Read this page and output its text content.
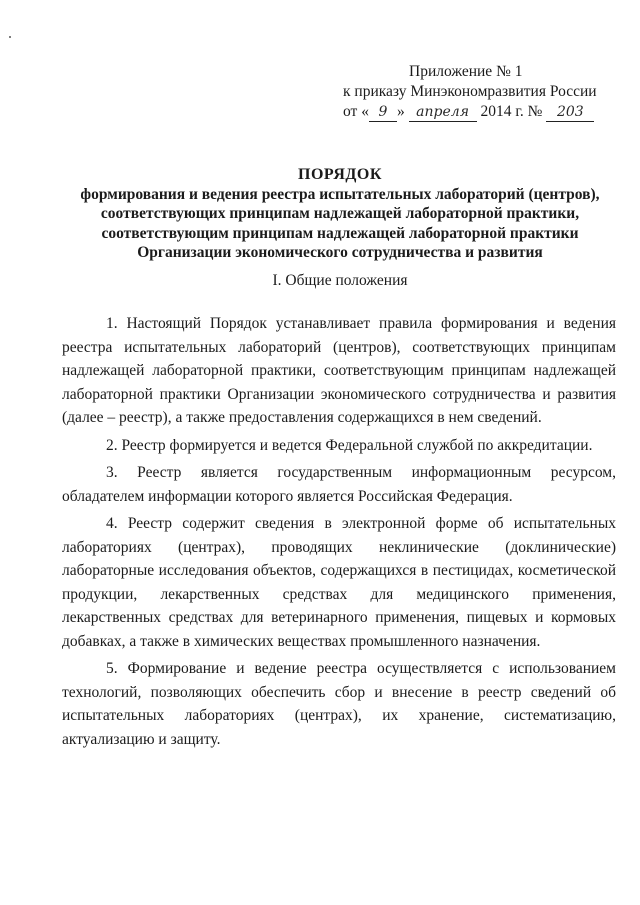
Приложение № 1
к приказу Минэкономразвития России
от « 9 » апреля 2014 г. № 203
ПОРЯДОК
формирования и ведения реестра испытательных лабораторий (центров),
соответствующих принципам надлежащей лабораторной практики,
соответствующим принципам надлежащей лабораторной практики
Организации экономического сотрудничества и развития
I. Общие положения

1. Настоящий Порядок устанавливает правила формирования и ведения реестра испытательных лабораторий (центров), соответствующих принципам надлежащей лабораторной практики, соответствующим принципам надлежащей лабораторной практики Организации экономического сотрудничества и развития (далее – реестр), а также предоставления содержащихся в нем сведений.

2. Реестр формируется и ведется Федеральной службой по аккредитации.

3. Реестр является государственным информационным ресурсом, обладателем информации которого является Российская Федерация.

4. Реестр содержит сведения в электронной форме об испытательных лабораториях (центрах), проводящих неклинические (доклинические) лабораторные исследования объектов, содержащихся в пестицидах, косметической продукции, лекарственных средствах для медицинского применения, лекарственных средствах для ветеринарного применения, пищевых и кормовых добавках, а также в химических веществах промышленного назначения.

5. Формирование и ведение реестра осуществляется с использованием технологий, позволяющих обеспечить сбор и внесение в реестр сведений об испытательных лабораториях (центрах), их хранение, систематизацию, актуализацию и защиту.
